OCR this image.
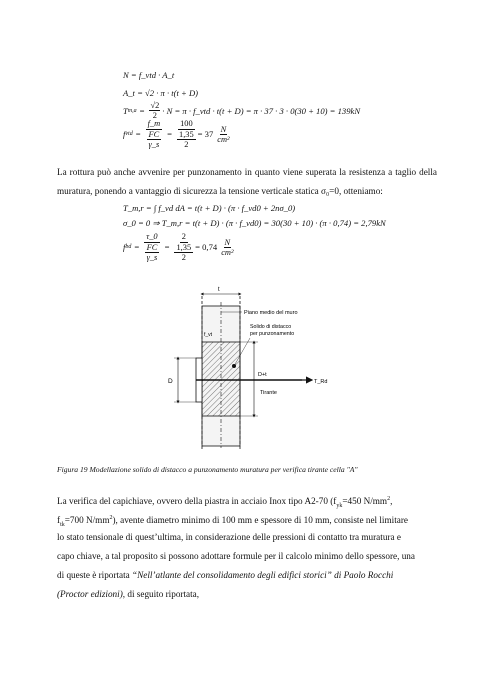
N = f_vtd · A_t
A_t = √2 · π · t(t + D)
T $m,a = \frac{√2}{2} \cdot N = \pi$ · f_vtd · t(t + D) = π · 37 · 3 · 0(30 + 10) = 139kN
f vtd =
f_m
FC
γ_s
=
100
1,35
2
= $37 \frac{N}{\text{cm²}}$
La rottura può anche avvenire per punzonamento in quanto viene superata la resistenza a taglio della muratura, ponendo a vantaggio di sicurezza la tensione verticale statica σ₀=0, otteniamo:
T_m,r = ∫ f_vd dA = t(t + D) · (π · f_vd0 + 2nσ_0)
σ_0 = 0 ⇒ T_m,r = t(t + D) · (π · f_vd0) = 30(30 + 10) · (π · 0,74) = 2,79kN
f bd =
τ_0
FC
γ_s
=
2
1,35
2
= $0,74 \frac{N}{\text{cm²}}$
t
D
D+t
Piano medio del muro
f_vt
Solido di distacco
per punzonamento
T_Rd
Tirante
Figura 19 Modellazione solido di distacco a punzonamento muratura per verifica tirante cella "A"
La verifica del capichiave, ovvero della piastra in acciaio Inox tipo A2-70 ($f_{yk}=450$ $N/mm^2$,
$f_{tk}=700$ $N/mm^2$), avente diametro minimo di 100 mm e spessore di 10 mm, consiste nel limitare
lo stato tensionale di quest’ultima, in considerazione delle pressioni di contatto tra muratura e
capo chiave, a tal proposito si possono adottare formule per il calcolo minimo dello spessore, una
di queste è riportata “Nell’atlante del consolidamento degli edifici storici” di Paolo Rocchi
(Proctor edizioni), di seguito riportata,
